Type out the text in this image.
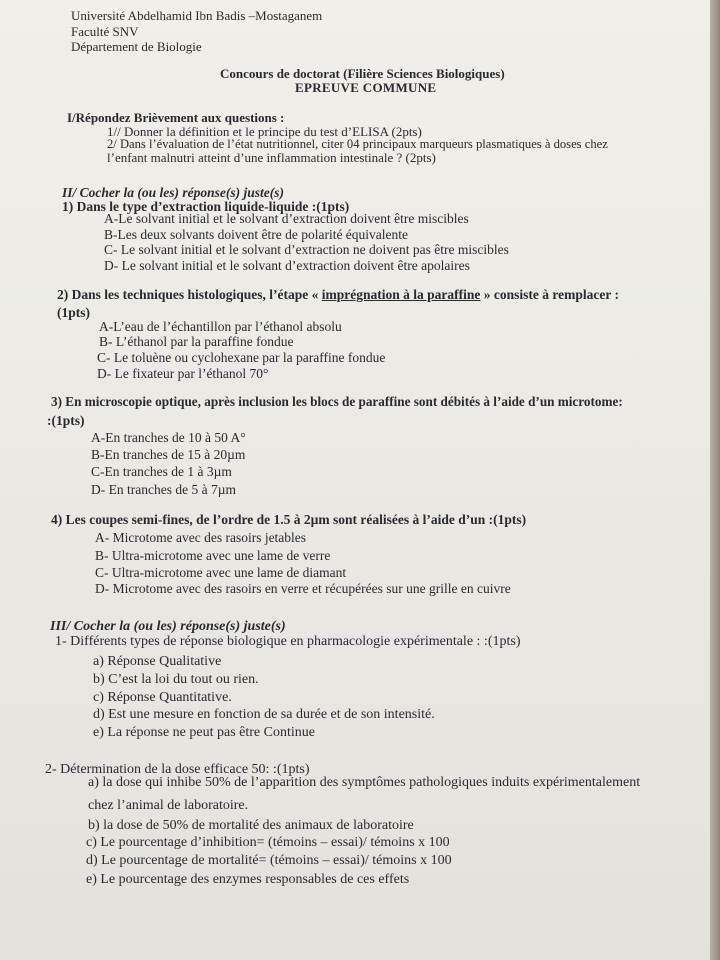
Université Abdelhamid Ibn Badis –Mostaganem
Faculté SNV
Département de Biologie
Concours de doctorat (Filière Sciences Biologiques)
EPREUVE COMMUNE
I/Répondez Brièvement aux questions :
1// Donner la définition et le principe du test d’ELISA (2pts)
2/ Dans l’évaluation de l’état nutritionnel, citer 04 principaux marqueurs plasmatiques à doses chez
l’enfant malnutri atteint d’une inflammation intestinale ? (2pts)
II/ Cocher la (ou les) réponse(s) juste(s)
1) Dans le type d’extraction liquide-liquide :(1pts)
A-Le solvant initial et le solvant d’extraction doivent être miscibles
B-Les deux solvants doivent être de polarité équivalente
C- Le solvant initial et le solvant d’extraction ne doivent pas être miscibles
D- Le solvant initial et le solvant d’extraction doivent être apolaires
2) Dans les techniques histologiques, l’étape « imprégnation à la paraffine » consiste à remplacer :
(1pts)
A-L’eau de l’échantillon par l’éthanol absolu
B- L’éthanol par la paraffine fondue
C- Le toluène ou cyclohexane par la paraffine fondue
D- Le fixateur par l’éthanol 70°
3) En microscopie optique, après inclusion les blocs de paraffine sont débités à l’aide d’un microtome:
:(1pts)
A-En tranches de 10 à 50 A°
B-En tranches de 15 à 20µm
C-En tranches de 1 à 3µm
D- En tranches de 5 à 7µm
4) Les coupes semi-fines, de l’ordre de 1.5 à 2µm sont réalisées à l’aide d’un :(1pts)
A- Microtome avec des rasoirs jetables
B- Ultra-microtome avec une lame de verre
C- Ultra-microtome avec une lame de diamant
D- Microtome avec des rasoirs en verre et récupérées sur une grille en cuivre
III/ Cocher la (ou les) réponse(s) juste(s)
1- Différents types de réponse biologique en pharmacologie expérimentale : :(1pts)
a) Réponse Qualitative
b) C’est la loi du tout ou rien.
c) Réponse Quantitative.
d) Est une mesure en fonction de sa durée et de son intensité.
e) La réponse ne peut pas être Continue
2- Détermination de la dose efficace 50: :(1pts)
a) la dose qui inhibe 50% de l’apparition des symptômes pathologiques induits expérimentalement
chez l’animal de laboratoire.
b) la dose de 50% de mortalité des animaux de laboratoire
c) Le pourcentage d’inhibition= (témoins – essai)/ témoins x 100
d) Le pourcentage de mortalité= (témoins – essai)/ témoins x 100
e) Le pourcentage des enzymes responsables de ces effets
